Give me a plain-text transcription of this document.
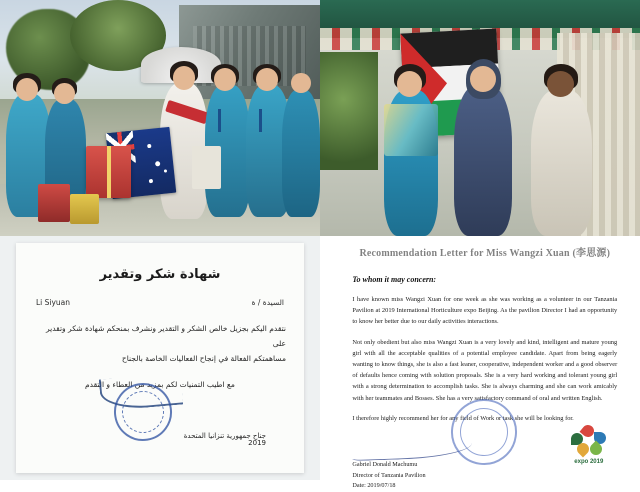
شهادة شكر وتقدير
السيدة / ة
Li Siyuan
نتقدم اليكم بجزيل خالص الشكر و التقدير ونشرف بمنحكم شهادة شكر وتقدير على
مساهمتكم الفعالة في إنجاح الفعاليات الخاصة بالجناح
مع اطيب التمنيات لكم بمزيد من العطاء و التقدم
جناح جمهورية تنزانيا المتحدة
2019
Recommendation Letter for Miss Wangzi Xuan (李思源)
To whom it may concern:
I have known miss Wangzi Xuan for one week as she was working as a volunteer in our Tanzania Pavilion at 2019 International Horticulture expo Beijing. As the pavilion Director I had an opportunity to know her better due to our daily activities interactions.
Not only obedient but also miss Wangzi Xuan is a very lovely and kind, intelligent and mature young girl with all the acceptable qualities of a potential employee candidate. Apart from being eagerly wanting to know things, she is also a fast leaner, cooperative, independent worker and a good observer of defaults hence coming with solution proposals. She is a very hard working and tolerant young girl with a strong determination to accomplish tasks. She is always charming and she can work amicably with her teammates and Bosses. She has a very satisfactory command of oral and written English.
I therefore highly recommend her for any field of Work or task she will be looking for.
Gabriel Donald Machumu
Director of Tanzania Pavilion
Date: 2019/07/18
expo 2019
